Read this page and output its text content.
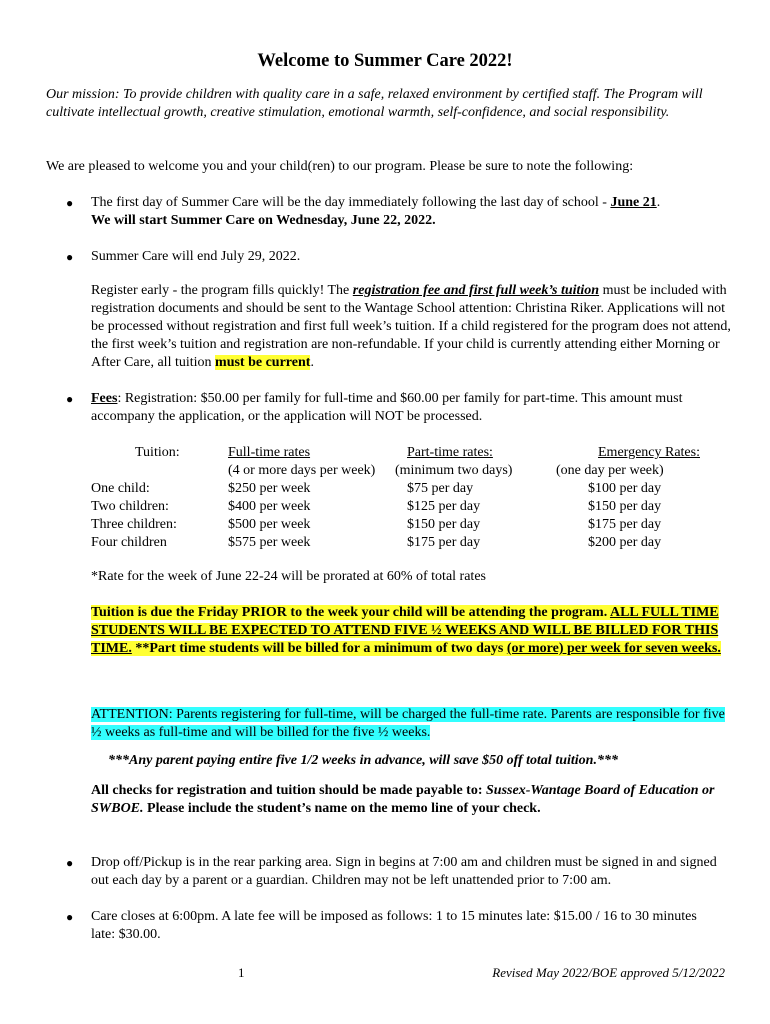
Welcome to Summer Care 2022!
Our mission: To provide children with quality care in a safe, relaxed environment by certified staff. The Program will cultivate intellectual growth, creative stimulation, emotional warmth, self-confidence, and social responsibility.
We are pleased to welcome you and your child(ren) to our program. Please be sure to note the following:
● The first day of Summer Care will be the day immediately following the last day of school - June 21.
We will start Summer Care on Wednesday, June 22, 2022.
● Summer Care will end July 29, 2022.
Register early - the program fills quickly! The registration fee and first full week’s tuition must be included with registration documents and should be sent to the Wantage School attention: Christina Riker. Applications will not be processed without registration and first full week’s tuition. If a child registered for the program does not attend, the first week’s tuition and registration are non-refundable. If your child is currently attending either Morning or After Care, all tuition must be current.
● Fees: Registration: $50.00 per family for full-time and $60.00 per family for part-time. This amount must accompany the application, or the application will NOT be processed.
Tuition:
One child:
Two children:
Three children:
Four children
Full-time rates
(4 or more days per week)
$250 per week
$400 per week
$500 per week
$575 per week
Part-time rates:
(minimum two days)
$75 per day
$125 per day
$150 per day
$175 per day
Emergency Rates:
(one day per week)
$100 per day
$150 per day
$175 per day
$200 per day
*Rate for the week of June 22-24 will be prorated at 60% of total rates
Tuition is due the Friday PRIOR to the week your child will be attending the program. ALL FULL TIME STUDENTS WILL BE EXPECTED TO ATTEND FIVE ½ WEEKS AND WILL BE BILLED FOR THIS TIME. **Part time students will be billed for a minimum of two days (or more) per week for seven weeks.
ATTENTION: Parents registering for full-time, will be charged the full-time rate. Parents are responsible for five ½ weeks as full-time and will be billed for the five ½ weeks.
***Any parent paying entire five 1/2 weeks in advance, will save $50 off total tuition.***
All checks for registration and tuition should be made payable to: Sussex-Wantage Board of Education or SWBOE. Please include the student’s name on the memo line of your check.
● Drop off/Pickup is in the rear parking area. Sign in begins at 7:00 am and children must be signed in and signed out each day by a parent or a guardian. Children may not be left unattended prior to 7:00 am.
● Care closes at 6:00pm. A late fee will be imposed as follows: 1 to 15 minutes late: $15.00 / 16 to 30 minutes late: $30.00.
1	Revised May 2022/BOE approved 5/12/2022
